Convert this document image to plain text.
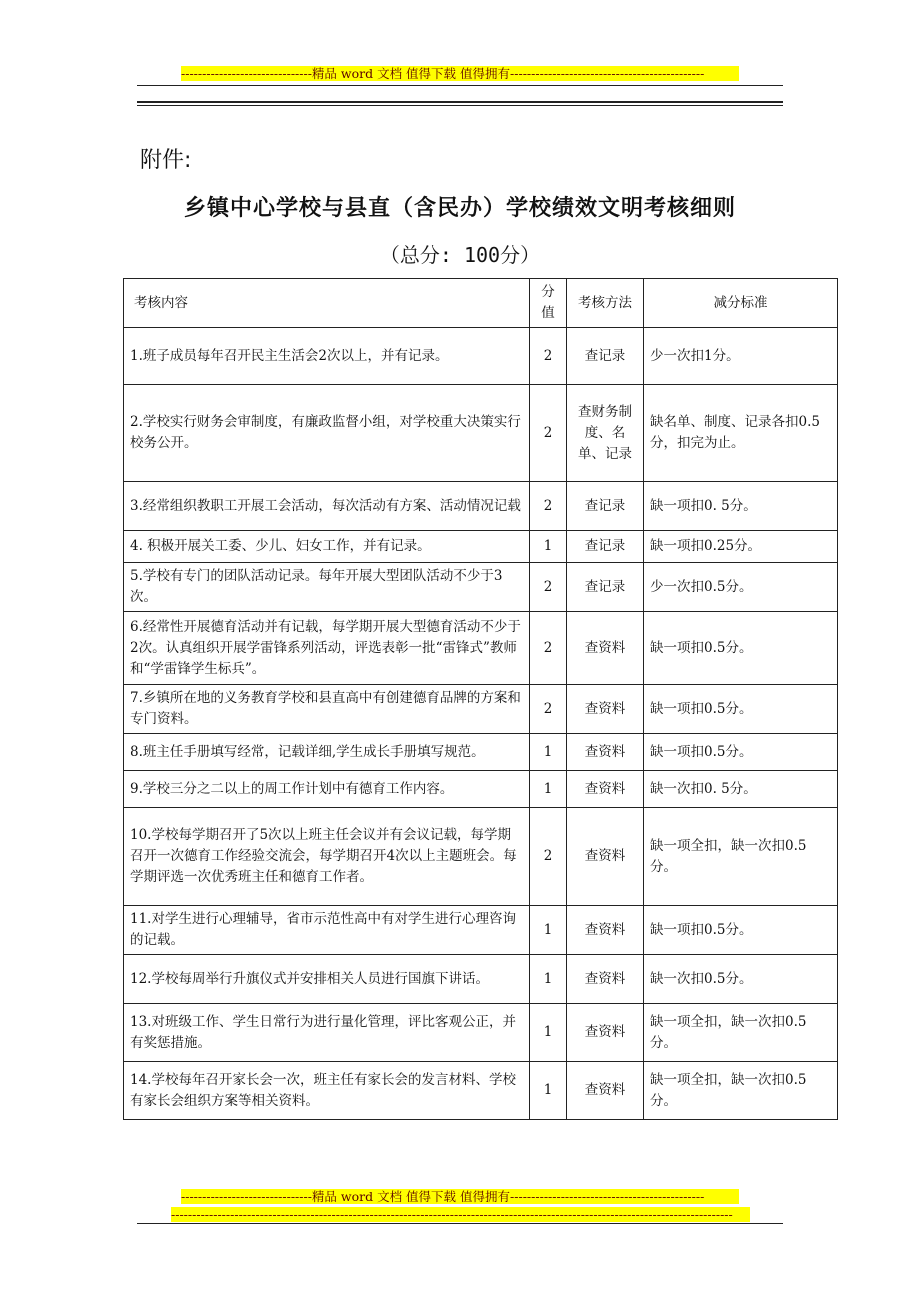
-------------------------------精品 word 文档 值得下载 值得拥有----------------------------------------------
附件:
乡镇中心学校与县直（含民办）学校绩效文明考核细则
（总分: 100分）
考核内容	分值	考核方法	减分标准
1.班子成员每年召开民主生活会2次以上，并有记录。	2	查记录	少一次扣1分。
2.学校实行财务会审制度，有廉政监督小组，对学校重大决策实行校务公开。	2	查财务制度、名单、记录	缺名单、制度、记录各扣0.5分，扣完为止。
3.经常组织教职工开展工会活动，每次活动有方案、活动情况记载	2	查记录	缺一项扣0. 5分。
4. 积极开展关工委、少儿、妇女工作，并有记录。	1	查记录	缺一项扣0.25分。
5.学校有专门的团队活动记录。每年开展大型团队活动不少于3次。	2	查记录	少一次扣0.5分。
6.经常性开展德育活动并有记载，每学期开展大型德育活动不少于2次。认真组织开展学雷锋系列活动，评选表彰一批“雷锋式”教师和“学雷锋学生标兵”。	2	查资料	缺一项扣0.5分。
7.乡镇所在地的义务教育学校和县直高中有创建德育品牌的方案和专门资料。	2	查资料	缺一项扣0.5分。
8.班主任手册填写经常，记载详细,学生成长手册填写规范。	1	查资料	缺一项扣0.5分。
9.学校三分之二以上的周工作计划中有德育工作内容。	1	查资料	缺一次扣0. 5分。
10.学校每学期召开了5次以上班主任会议并有会议记载，每学期召开一次德育工作经验交流会，每学期召开4次以上主题班会。每学期评选一次优秀班主任和德育工作者。	2	查资料	缺一项全扣，缺一次扣0.5分。
11.对学生进行心理辅导，省市示范性高中有对学生进行心理咨询的记载。	1	查资料	缺一项扣0.5分。
12.学校每周举行升旗仪式并安排相关人员进行国旗下讲话。	1	查资料	缺一次扣0.5分。
13.对班级工作、学生日常行为进行量化管理，评比客观公正，并有奖惩措施。	1	查资料	缺一项全扣，缺一次扣0.5分。
14.学校每年召开家长会一次，班主任有家长会的发言材料、学校有家长会组织方案等相关资料。	1	查资料	缺一项全扣，缺一次扣0.5分。
-------------------------------精品 word 文档 值得下载 值得拥有----------------------------------------------
-------------------------------------------------------------------------------------------------------------------------------------
